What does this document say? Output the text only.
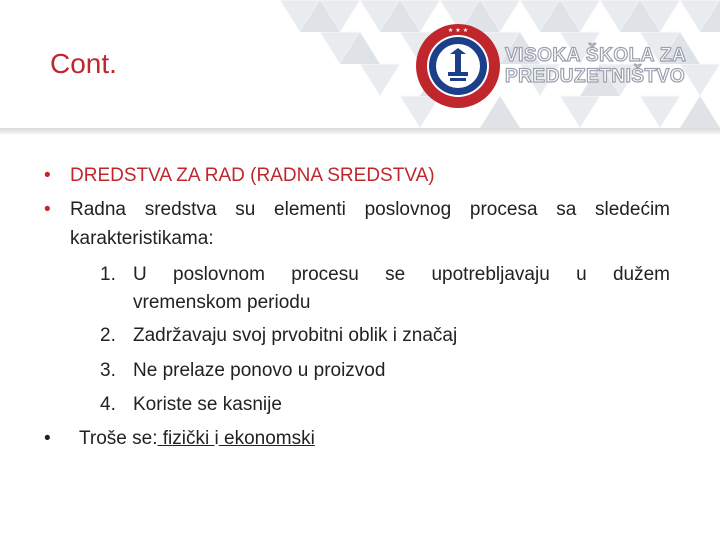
Cont.
★ ★ ★
VISOKA ŠKOLA ZA
PREDUZETNIŠTVO
• DREDSTVA ZA RAD (RADNA SREDSTVA)
• Radna sredstva su elementi poslovnog procesa sa sledećim
karakteristikama:
1. U poslovnom procesu se upotrebljavaju u dužem
vremenskom periodu
2. Zadržavaju svoj prvobitni oblik i značaj
3. Ne prelaze ponovo u proizvod
4. Koriste se kasnije
• Troše se: fizički i ekonomski
